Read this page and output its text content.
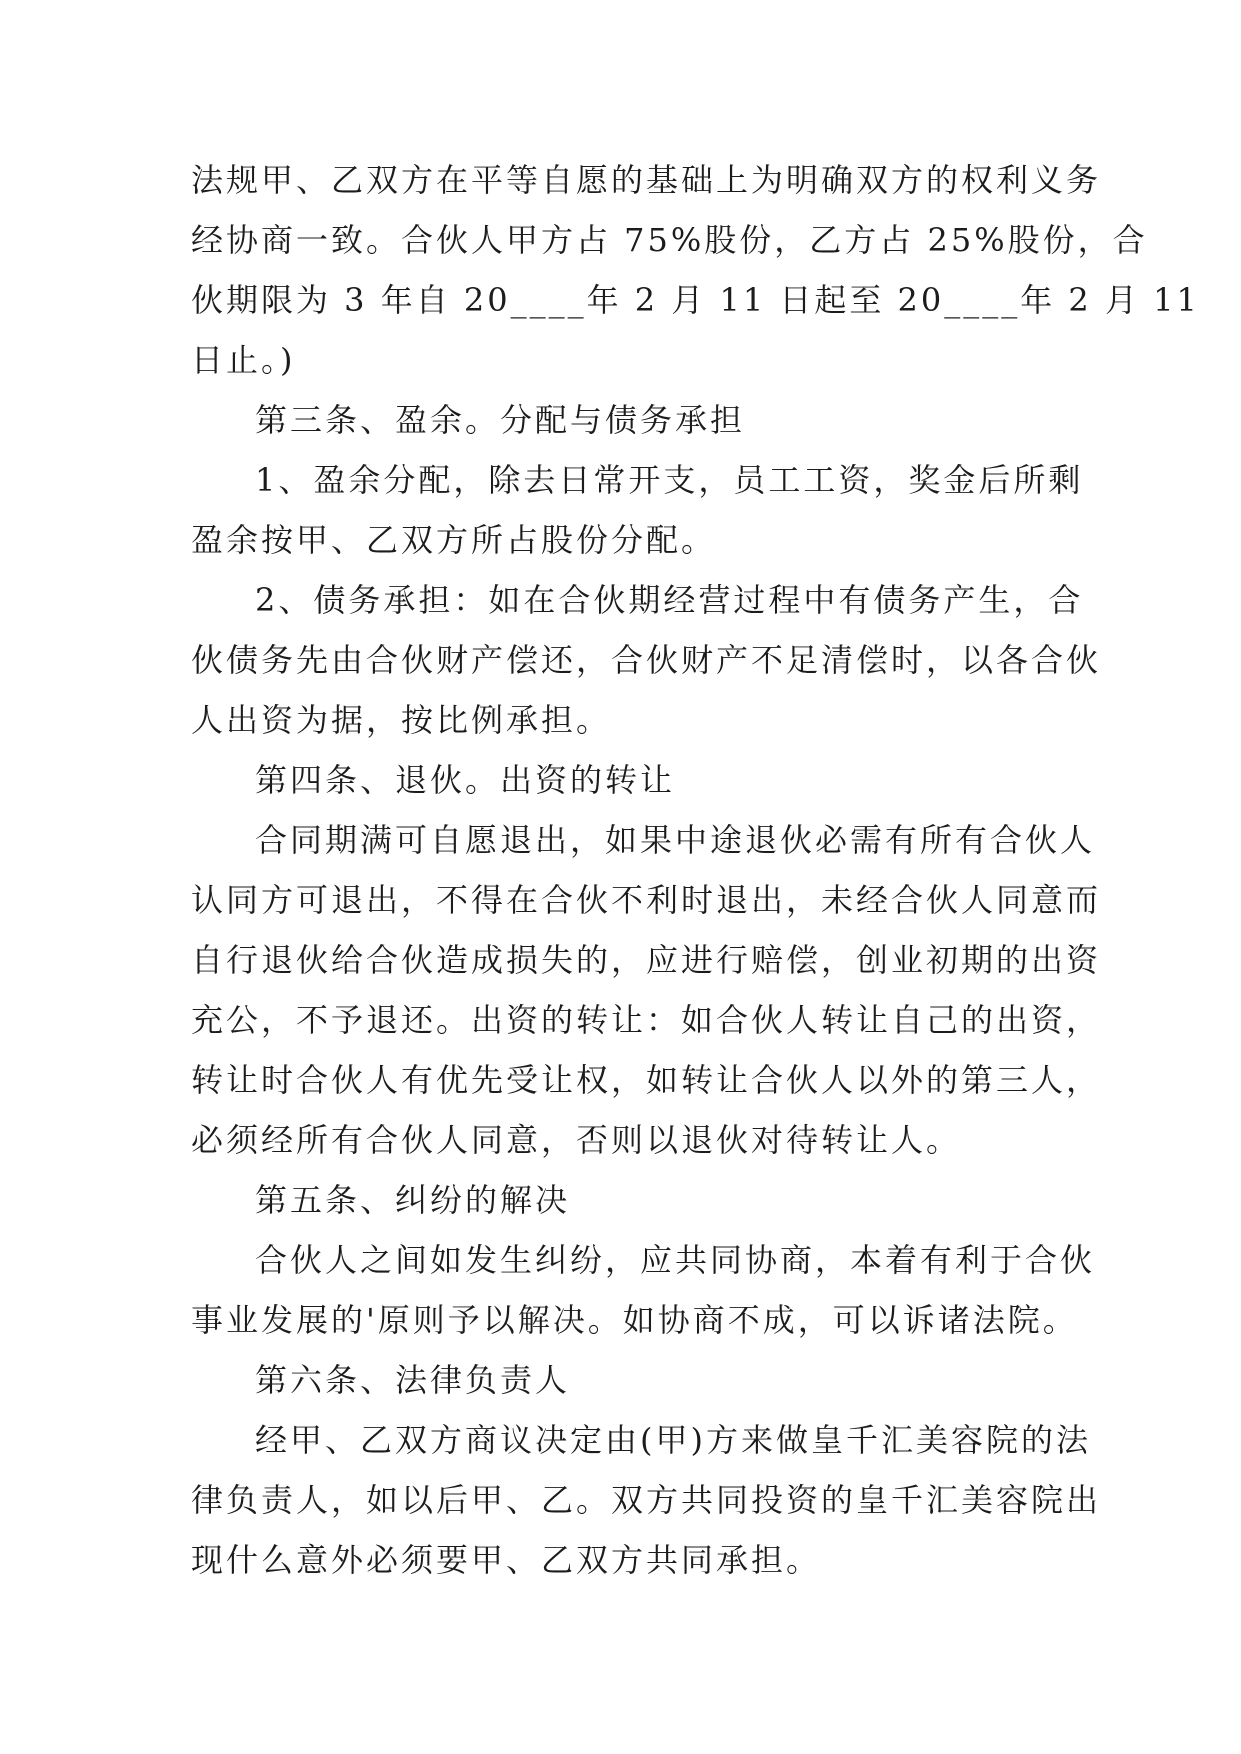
法规甲、乙双方在平等自愿的基础上为明确双方的权利义务
经协商一致。合伙人甲方占 75%股份，乙方占 25%股份，合
伙期限为 3 年自 20____年 2 月 11 日起至 20____年 2 月 11
日止。)
第三条、盈余。分配与债务承担
1、盈余分配，除去日常开支，员工工资，奖金后所剩
盈余按甲、乙双方所占股份分配。
2、债务承担：如在合伙期经营过程中有债务产生，合
伙债务先由合伙财产偿还，合伙财产不足清偿时，以各合伙
人出资为据，按比例承担。
第四条、退伙。出资的转让
合同期满可自愿退出，如果中途退伙必需有所有合伙人
认同方可退出，不得在合伙不利时退出，未经合伙人同意而
自行退伙给合伙造成损失的，应进行赔偿，创业初期的出资
充公，不予退还。出资的转让：如合伙人转让自己的出资，
转让时合伙人有优先受让权，如转让合伙人以外的第三人，
必须经所有合伙人同意，否则以退伙对待转让人。
第五条、纠纷的解决
合伙人之间如发生纠纷，应共同协商，本着有利于合伙
事业发展的'原则予以解决。如协商不成，可以诉诸法院。
第六条、法律负责人
经甲、乙双方商议决定由(甲)方来做皇千汇美容院的法
律负责人，如以后甲、乙。双方共同投资的皇千汇美容院出
现什么意外必须要甲、乙双方共同承担。
